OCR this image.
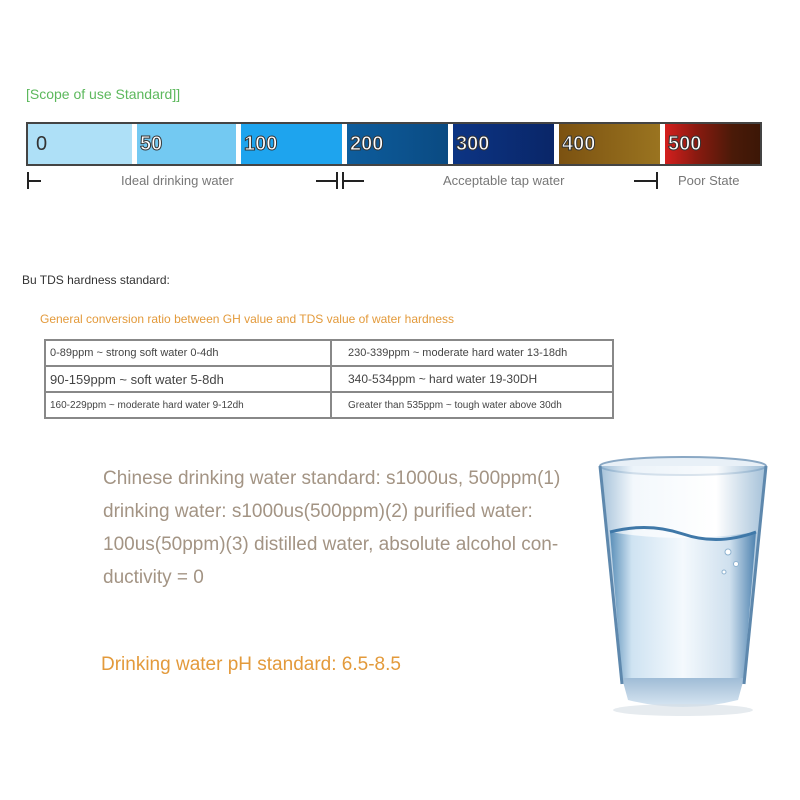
[Scope of use Standard]]
0	50	100	200	300	400	500
Ideal drinking water	Acceptable tap water	Poor State
Bu TDS hardness standard:
General conversion ratio between GH value and TDS value of water hardness
0-89ppm ~ strong soft water 0-4dh	230-339ppm ~ moderate hard water 13-18dh
90-159ppm ~ soft water 5-8dh	340-534ppm ~ hard water 19-30DH
160-229ppm ~ moderate hard water 9-12dh	Greater than 535ppm ~ tough water above 30dh
Chinese drinking water standard: s1000us, 500ppm(1) drinking water: s1000us(500ppm)(2) purified water: 100us(50ppm)(3) distilled water, absolute alcohol con-ductivity = 0
Drinking water pH standard: 6.5-8.5
